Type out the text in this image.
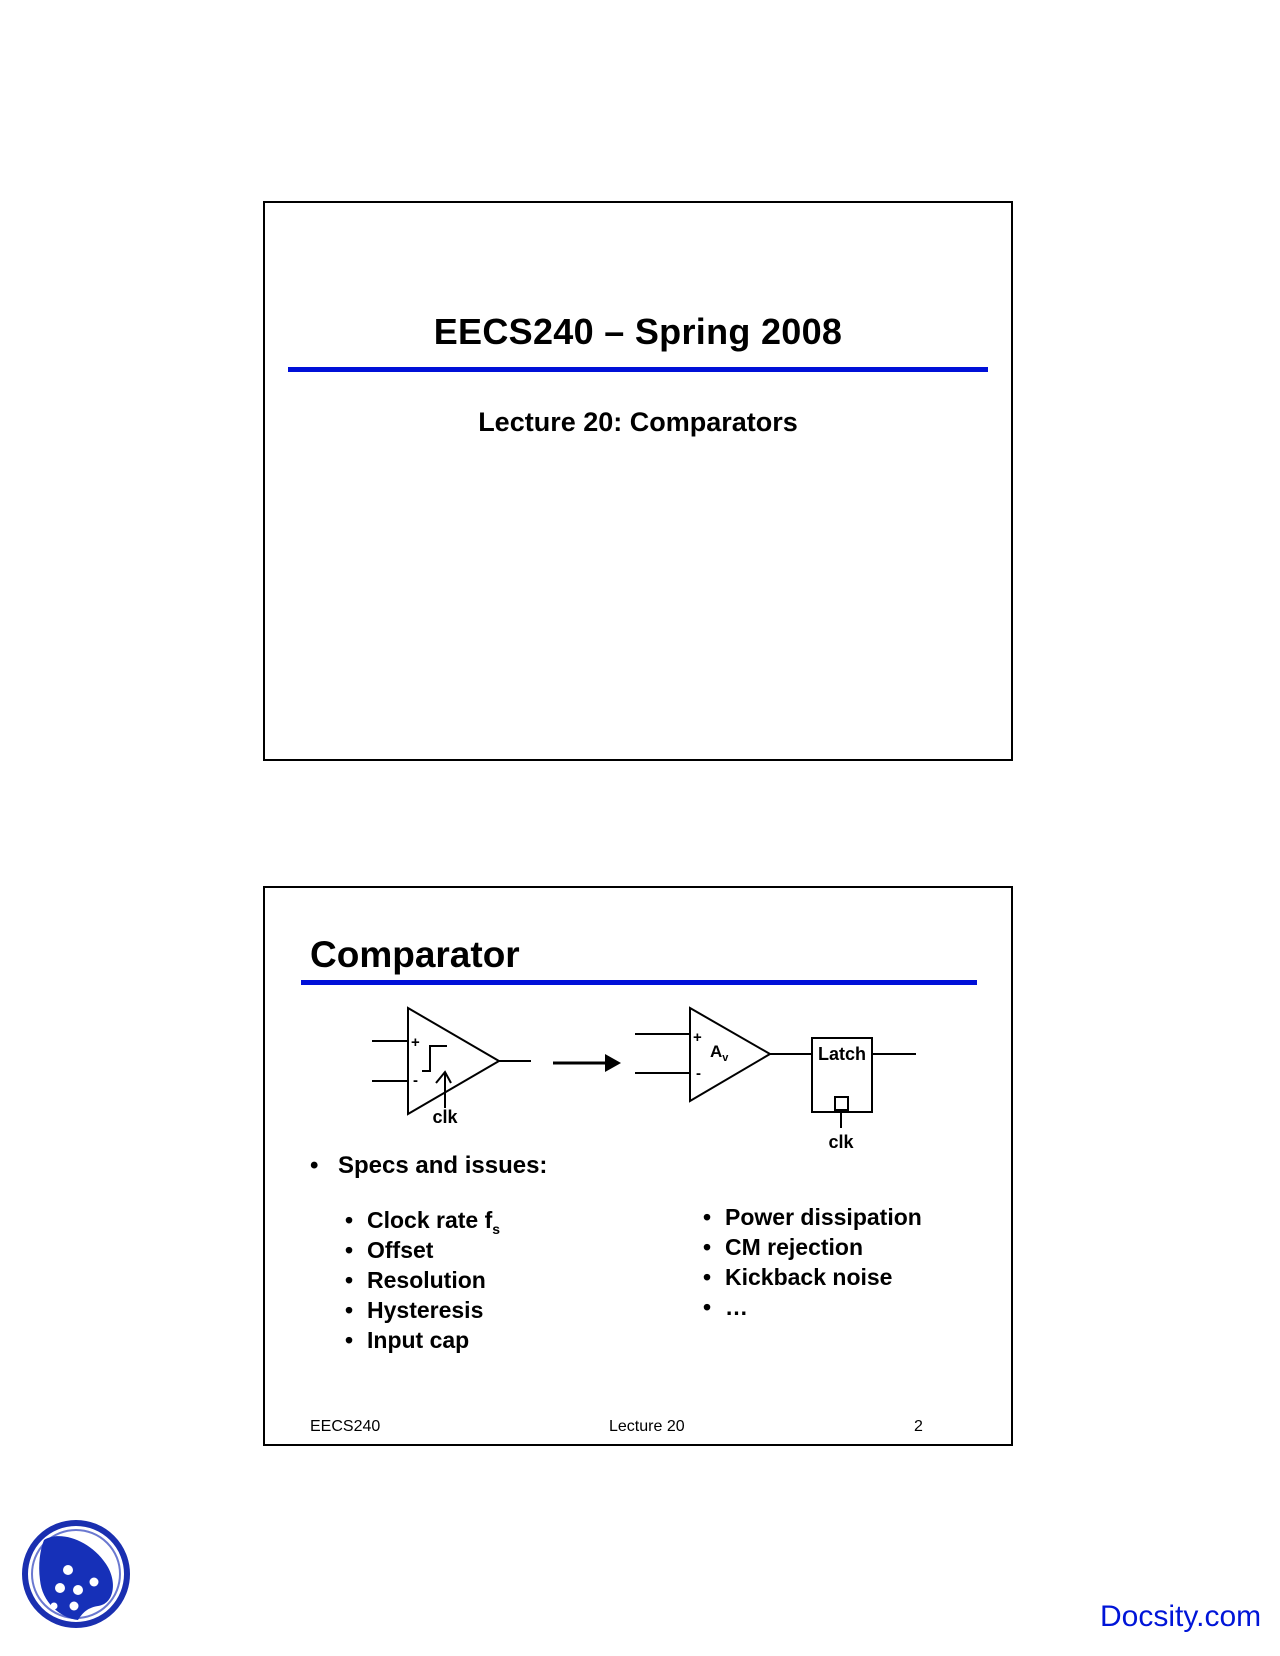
EECS240 – Spring 2008
Lecture 20: Comparators
Comparator
+
-
clk
+
-
$A_v$	Latch
clk
• Specs and issues:
• Clock rate $f_s$
• Offset
• Resolution
• Hysteresis
• Input cap
• Power dissipation
• CM rejection
• Kickback noise
• …
EECS240	Lecture 20	2
Docsity.com
